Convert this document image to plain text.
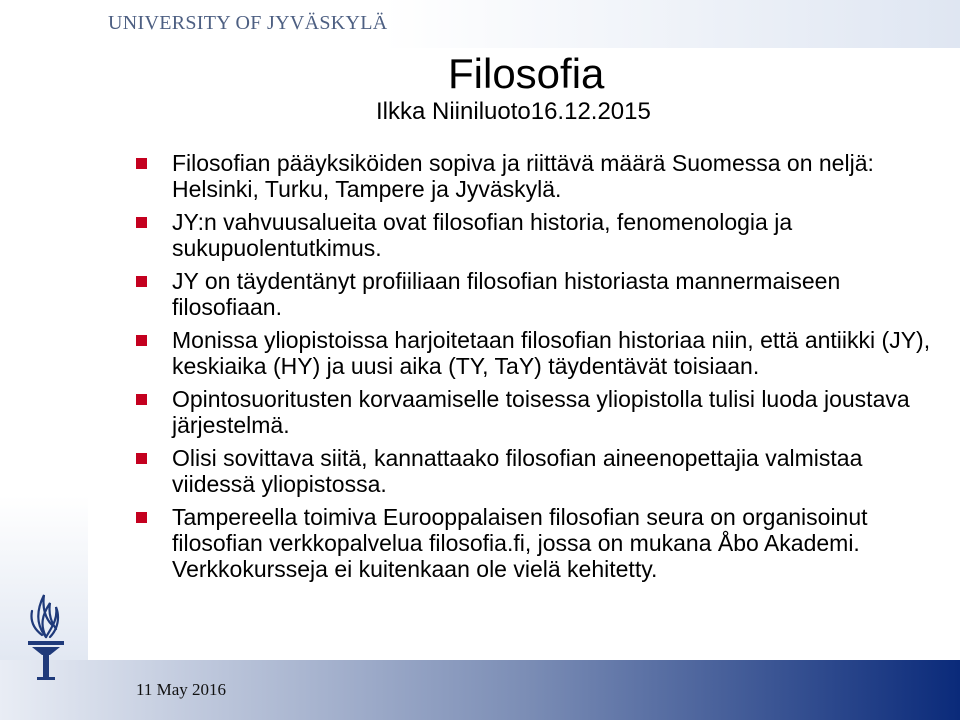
UNIVERSITY OF JYVÄSKYLÄ
Filosofia
Ilkka Niiniluoto16.12.2015
Filosofian pääyksiköiden sopiva ja riittävä määrä Suomessa on neljä: Helsinki, Turku, Tampere ja Jyväskylä.
JY:n vahvuusalueita ovat filosofian historia, fenomenologia ja sukupuolentutkimus.
JY on täydentänyt profiiliaan filosofian historiasta mannermaiseen filosofiaan.
Monissa yliopistoissa harjoitetaan filosofian historiaa niin, että antiikki (JY), keskiaika (HY) ja uusi aika (TY, TaY) täydentävät toisiaan.
Opintosuoritusten korvaamiselle toisessa yliopistolla tulisi luoda joustava järjestelmä.
Olisi sovittava siitä, kannattaako filosofian aineenopettajia valmistaa viidessä yliopistossa.
Tampereella toimiva Eurooppalaisen filosofian seura on organisoinut filosofian verkkopalvelua filosofia.fi, jossa on mukana Åbo Akademi. Verkkokursseja ei kuitenkaan ole vielä kehitetty.
11 May 2016
